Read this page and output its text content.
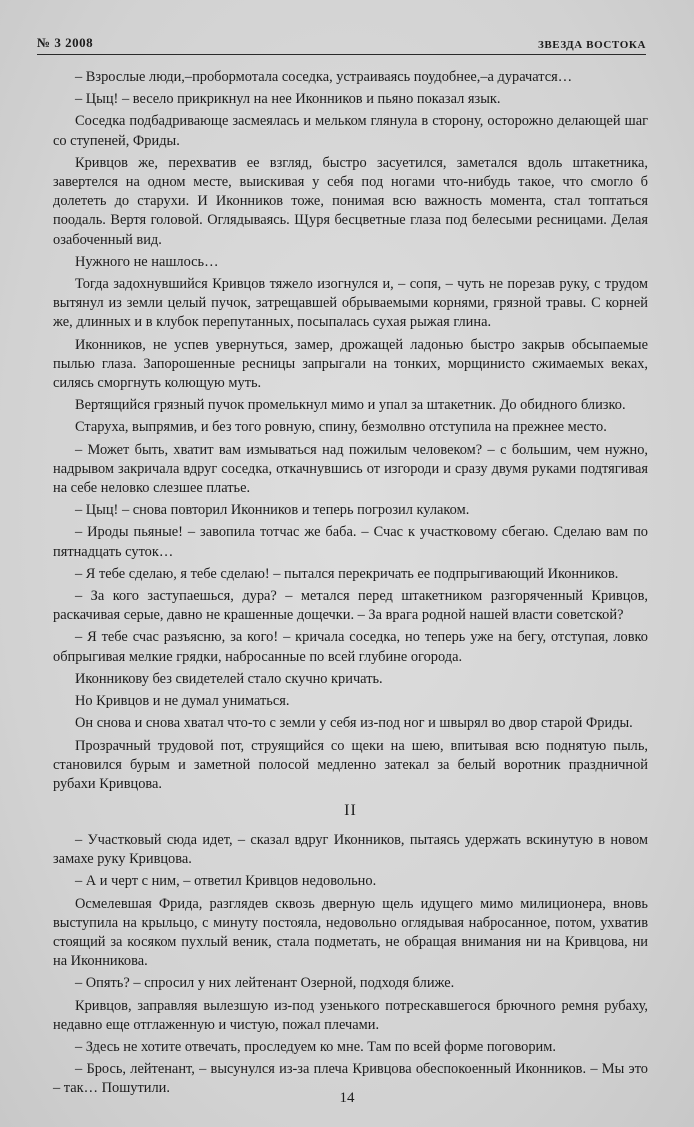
№ 3 2008	ЗВЕЗДА ВОСТОКА

– Взрослые люди,–пробормотала соседка, устраиваясь поудобнее,–а дурачатся…

– Цыц! – весело прикрикнул на нее Иконников и пьяно показал язык.

Соседка подбадривающе засмеялась и мельком глянула в сторону, осторожно делающей шаг со ступеней, Фриды.

Кривцов же, перехватив ее взгляд, быстро засуетился, заметался вдоль штакетника, завертелся на одном месте, выискивая у себя под ногами что-нибудь такое, что смогло б долететь до старухи. И Иконников тоже, понимая всю важность момента, стал топтаться поодаль. Вертя головой. Оглядываясь. Щуря бесцветные глаза под белесыми ресницами. Делая озабоченный вид.

Нужного не нашлось…

Тогда задохнувшийся Кривцов тяжело изогнулся и, – сопя, – чуть не порезав руку, с трудом вытянул из земли целый пучок, затрещавшей обрываемыми корнями, грязной травы. С корней же, длинных и в клубок перепутанных, посыпалась сухая рыжая глина.

Иконников, не успев увернуться, замер, дрожащей ладонью быстро закрыв обсыпаемые пылью глаза. Запорошенные ресницы запрыгали на тонких, морщинисто сжимаемых веках, силясь сморгнуть колющую муть.

Вертящийся грязный пучок промелькнул мимо и упал за штакетник. До обидного близко.

Старуха, выпрямив, и без того ровную, спину, безмолвно отступила на прежнее место.

– Может быть, хватит вам измываться над пожилым человеком? – с большим, чем нужно, надрывом закричала вдруг соседка, откачнувшись от изгороди и сразу двумя руками подтягивая на себе неловко слезшее платье.

– Цыц! – снова повторил Иконников и теперь погрозил кулаком.

– Ироды пьяные! – завопила тотчас же баба. – Счас к участковому сбегаю. Сделаю вам по пятнадцать суток…

– Я тебе сделаю, я тебе сделаю! – пытался перекричать ее подпрыгивающий Иконников.

– За кого заступаешься, дура? – метался перед штакетником разгоряченный Кривцов, раскачивая серые, давно не крашенные дощечки. – За врага родной нашей власти советской?

– Я тебе счас разъясню, за кого! – кричала соседка, но теперь уже на бегу, отступая, ловко обпрыгивая мелкие грядки, набросанные по всей глубине огорода.

Иконникову без свидетелей стало скучно кричать.

Но Кривцов и не думал униматься.

Он снова и снова хватал что-то с земли у себя из-под ног и швырял во двор старой Фриды.

Прозрачный трудовой пот, струящийся со щеки на шею, впитывая всю поднятую пыль, становился бурым и заметной полосой медленно затекал за белый воротник праздничной рубахи Кривцова.

II

– Участковый сюда идет, – сказал вдруг Иконников, пытаясь удержать вскинутую в новом замахе руку Кривцова.

– А и черт с ним, – ответил Кривцов недовольно.

Осмелевшая Фрида, разглядев сквозь дверную щель идущего мимо милиционера, вновь выступила на крыльцо, с минуту постояла, недовольно оглядывая набросанное, потом, ухватив стоящий за косяком пухлый веник, стала подметать, не обращая внимания ни на Кривцова, ни на Иконникова.

– Опять? – спросил у них лейтенант Озерной, подходя ближе.

Кривцов, заправляя вылезшую из-под узенького потрескавшегося брючного ремня рубаху, недавно еще отглаженную и чистую, пожал плечами.

– Здесь не хотите отвечать, проследуем ко мне. Там по всей форме поговорим.

– Брось, лейтенант, – высунулся из-за плеча Кривцова обеспокоенный Иконников. – Мы это – так… Пошутили.

14
